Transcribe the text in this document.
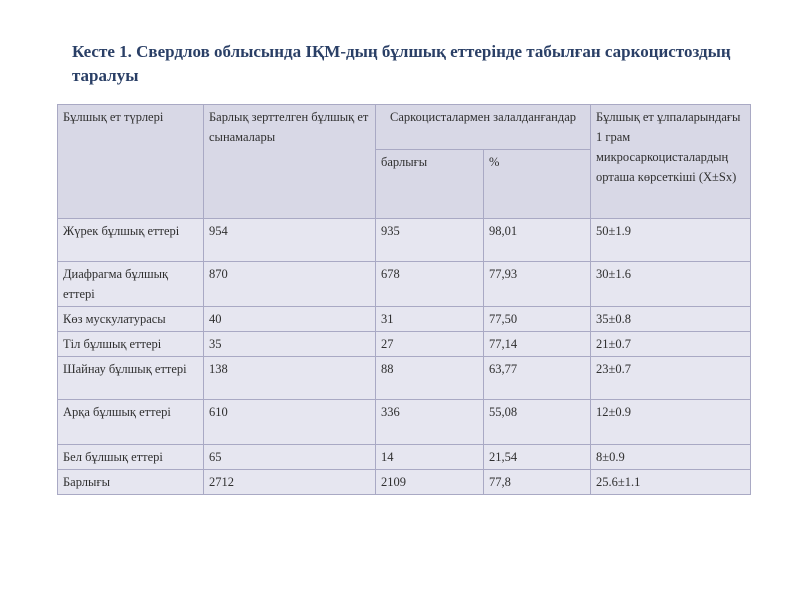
Кесте 1. Свердлов облысында ІҚМ-дың бұлшық еттерінде табылған саркоцистоздың таралуы
Бұлшық ет түрлері	Барлық зерттелген бұлшық ет сынамалары	Саркоцисталармен залалданғандар		Бұлшық ет ұлпаларындағы 1 грам микросаркоцисталардың орташа көрсеткіші (X±Sx)
		барлығы	%	
Жүрек бұлшық еттері	954	935	98,01	50±1.9
Диафрагма бұлшық еттері	870	678	77,93	30±1.6
Көз мускулатурасы	40	31	77,50	35±0.8
Тіл бұлшық еттері	35	27	77,14	21±0.7
Шайнау бұлшық еттері	138	88	63,77	23±0.7
Арқа бұлшық еттері	610	336	55,08	12±0.9
Бел бұлшық еттері	65	14	21,54	8±0.9
Барлығы	2712	2109	77,8	25.6±1.1
